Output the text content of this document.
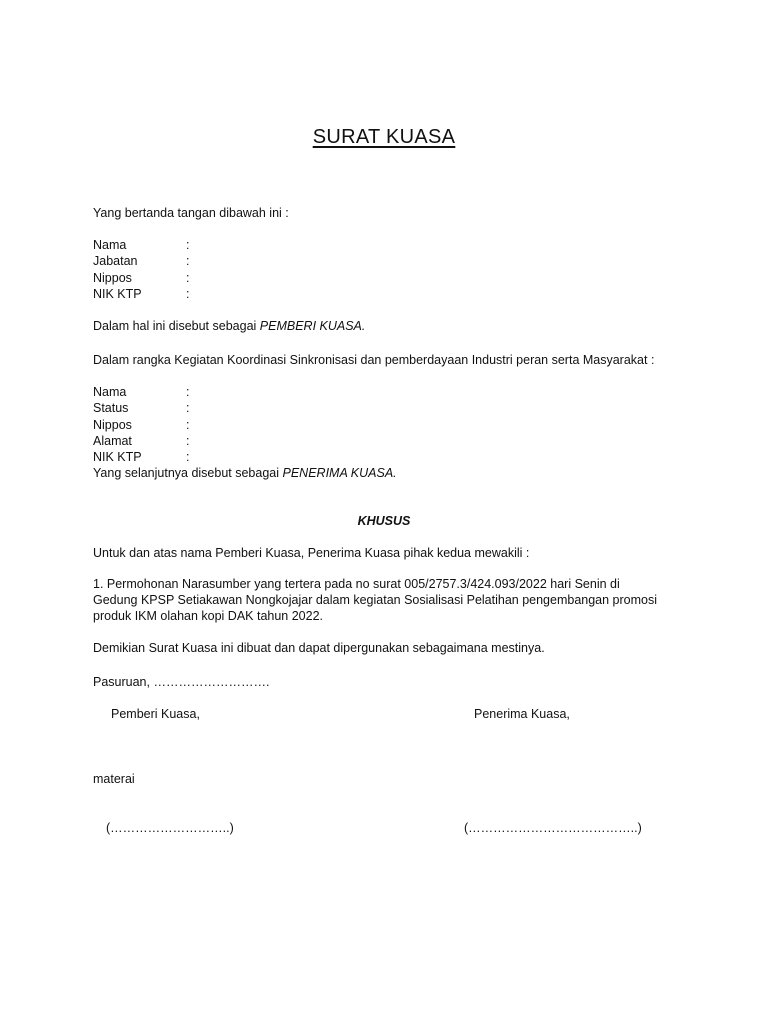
SURAT KUASA
Yang bertanda tangan dibawah ini :
Nama	:
Jabatan	:
Nippos	:
NIK KTP	:
Dalam hal ini disebut sebagai PEMBERI KUASA.
Dalam rangka Kegiatan Koordinasi Sinkronisasi dan pemberdayaan Industri peran serta Masyarakat :
Nama	:
Status	:
Nippos	:
Alamat	:
NIK KTP	:
Yang selanjutnya disebut sebagai PENERIMA KUASA.
KHUSUS
Untuk dan atas nama Pemberi Kuasa, Penerima Kuasa pihak kedua mewakili :
1. Permohonan Narasumber yang tertera pada no surat 005/2757.3/424.093/2022 hari Senin di
Gedung KPSP Setiakawan Nongkojajar dalam kegiatan Sosialisasi Pelatihan pengembangan promosi
produk IKM olahan kopi DAK tahun 2022.
Demikian Surat Kuasa ini dibuat dan dapat dipergunakan sebagaimana mestinya.
Pasuruan, ……………………….
Pemberi Kuasa,	Penerima Kuasa,
materai
(………………………..)	(…………………………………..)
